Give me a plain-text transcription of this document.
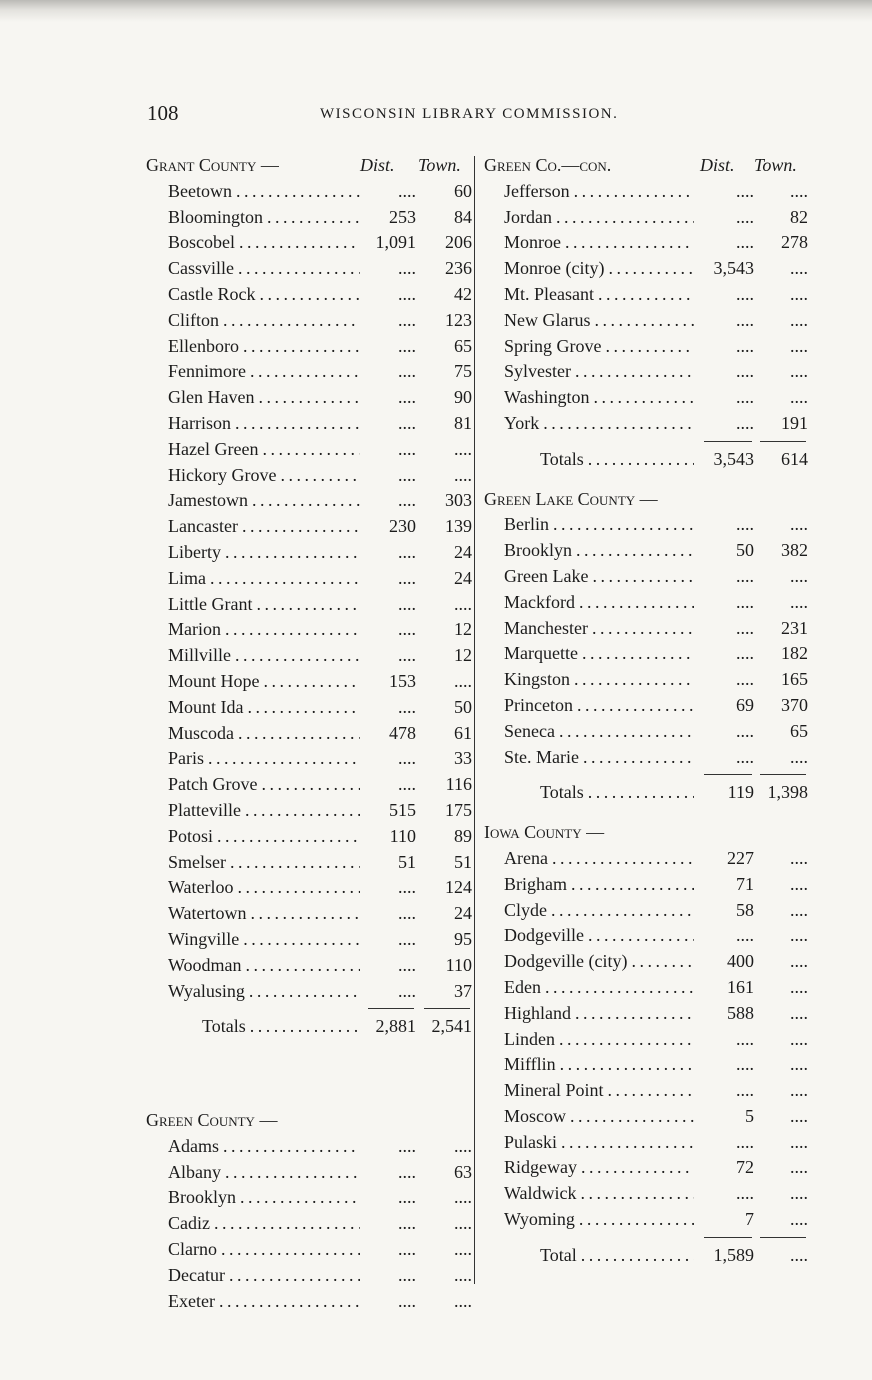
108	WISCONSIN LIBRARY COMMISSION.
Grant County —	Dist. Town.
Beetown . . .	....	60
Bloomington . . .	253	84
Boscobel . . .	1,091	206
Cassville . . .	....	236
Castle Rock . . .	....	42
Clifton . . .	....	123
Ellenboro . . .	....	65
Fennimore . . .	....	75
Glen Haven . . .	....	90
Harrison . . .	....	81
Hazel Green . . .	....	....
Hickory Grove . . .	....	....
Jamestown . . .	....	303
Lancaster . . .	230	139
Liberty . . .	....	24
Lima . . .	....	24
Little Grant . . .	....	....
Marion . . .	....	12
Millville . . .	....	12
Mount Hope . . .	153	....
Mount Ida . . .	....	50
Muscoda . . .	478	61
Paris . . .	....	33
Patch Grove . . .	....	116
Platteville . . .	515	175
Potosi . . .	110	89
Smelser . . .	51	51
Waterloo . . .	....	124
Watertown . . .	....	24
Wingville . . .	....	95
Woodman . . .	....	110
Wyalusing . . .	....	37
Totals . . .	2,881 2,541
Green County —
Adams . . .	....	....
Albany . . .	....	63
Brooklyn . . .	....	....
Cadiz . . .	....	....
Clarno . . .	....	....
Decatur . . .	....	....
Exeter . . .	....	....
Green Co.—con.	Dist. Town.
Jefferson . . .	....	....
Jordan . . .	....	82
Monroe . . .	....	278
Monroe (city) . . .	3,543	....
Mt. Pleasant . . .	....	....
New Glarus . . .	....	....
Spring Grove . . .	....	....
Sylvester . . .	....	....
Washington . . .	....	....
York . . .	....	191
Totals . . .	3,543	614
Green Lake County —
Berlin . . .	....	....
Brooklyn . . .	50	382
Green Lake . . .	....	....
Mackford . . .	....	....
Manchester . . .	....	231
Marquette . . .	....	182
Kingston . . .	....	165
Princeton . . .	69	370
Seneca . . .	....	65
Ste. Marie . . .	....	....
Totals . . .	119 1,398
Iowa County —
Arena . . .	227	....
Brigham . . .	71	....
Clyde . . .	58	....
Dodgeville . . .	....	....
Dodgeville (city) . . .	400	....
Eden . . .	161	....
Highland . . .	588	....
Linden . . .	....	....
Mifflin . . .	....	....
Mineral Point . . .	....	....
Moscow . . .	5	....
Pulaski . . .	....	....
Ridgeway . . .	72	....
Waldwick . . .	....	....
Wyoming . . .	7	....
Total . . .	1,589	....
